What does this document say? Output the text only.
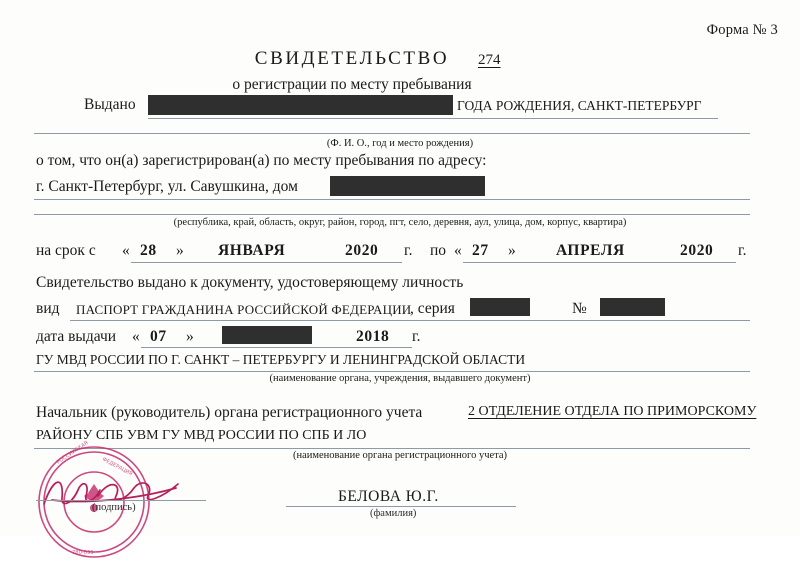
Форма № 3
СВИДЕТЕЛЬСТВО	274
о регистрации по месту пребывания
Выдано	ГОДА РОЖДЕНИЯ, САНКТ-ПЕТЕРБУРГ
(Ф. И. О., год и место рождения)
о том, что он(а) зарегистрирован(а) по месту пребывания по адресу:
г. Санкт-Петербург, ул. Савушкина, дом
(республика, край, область, округ, район, город, пгт, село, деревня, аул, улица, дом, корпус, квартира)
на срок с « 28 » ЯНВАРЯ	2020 г. по « 27 »	АПРЕЛЯ	2020 г.
Свидетельство выдано к документу, удостоверяющему личность
вид ПАСПОРТ ГРАЖДАНИНА РОССИЙСКОЙ ФЕДЕРАЦИИ
, серия	№
дата выдачи « 07 »	2018 г.
ГУ МВД РОССИИ ПО Г. САНКТ – ПЕТЕРБУРГУ И ЛЕНИНГРАДСКОЙ ОБЛАСТИ
(наименование органа, учреждения, выдавшего документ)
Начальник (руководитель) органа регистрационного учета	2 ОТДЕЛЕНИЕ ОТДЕЛА ПО ПРИМОРСКОМУ
РАЙОНУ СПБ УВМ ГУ МВД РОССИИ ПО СПБ И ЛО
(наименование органа регистрационного учета)
РОССИЙСКАЯ
ФЕДЕРАЦИЯ
780-039
(подпись)
БЕЛОВА Ю.Г.
(фамилия)
